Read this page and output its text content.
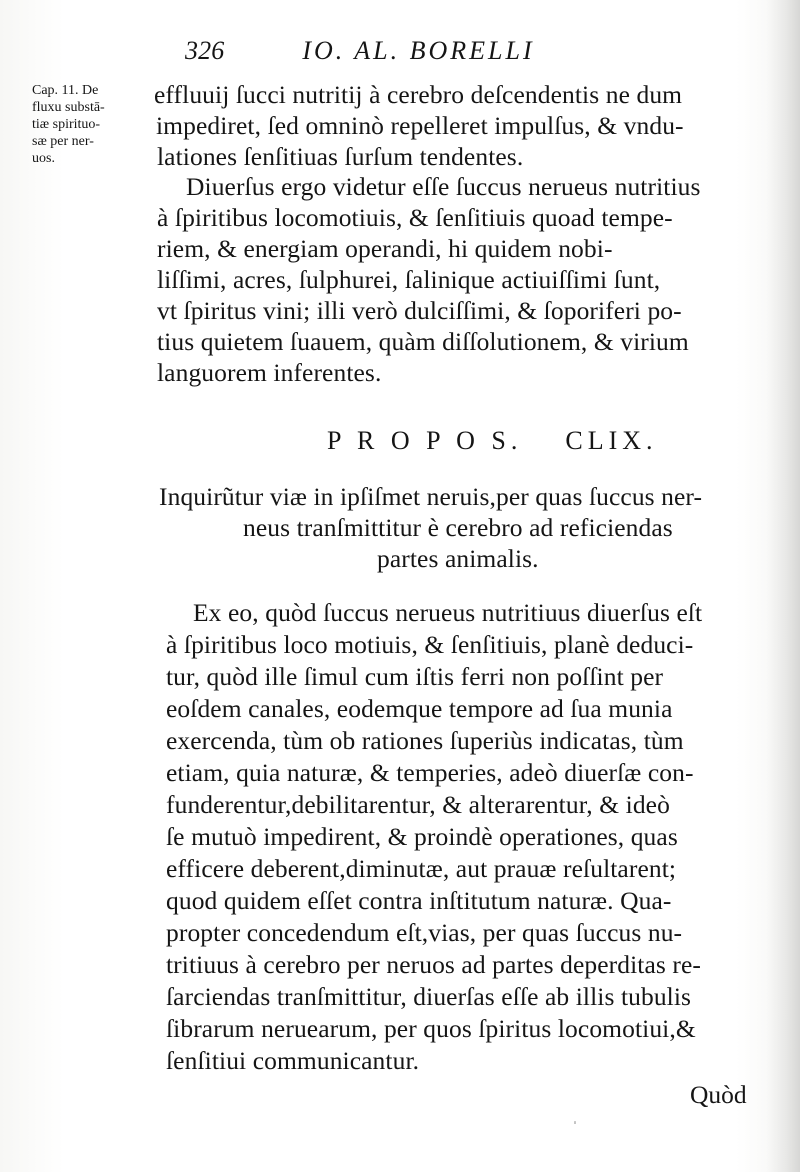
326	IO. AL. BORELLI
Cap. 11. De
fluxu substā-
tiæ spirituo-
sæ per ner-
uos.
effluuij ſucci nutritij à cerebro deſcendentis ne dum
impediret, ſed omninò repelleret impulſus, & vndu-
lationes ſenſitiuas ſurſum tendentes.
Diuerſus ergo videtur eſſe ſuccus nerueus nutritius
à ſpiritibus locomotiuis, & ſenſitiuis quoad tempe-
riem, & energiam operandi, hi quidem nobi-
liſſimi, acres, ſulphurei, ſalinique actiuiſſimi ſunt,
vt ſpiritus vini; illi verò dulciſſimi, & ſoporiferi po-
tius quietem ſuauem, quàm diſſolutionem, & virium
languorem inferentes.
P R O P O S. CLIX.
Inquirũtur viæ in ipſiſmet neruis,per quas ſuccus ner-
neus tranſmittitur è cerebro ad reficiendas
partes animalis.
Ex eo, quòd ſuccus nerueus nutritiuus diuerſus eſt
à ſpiritibus loco motiuis, & ſenſitiuis, planè deduci-
tur, quòd ille ſimul cum iſtis ferri non poſſint per
eoſdem canales, eodemque tempore ad ſua munia
exercenda, tùm ob rationes ſuperiùs indicatas, tùm
etiam, quia naturæ, & temperies, adeò diuerſæ con-
funderentur,debilitarentur, & alterarentur, & ideò
ſe mutuò impedirent, & proindè operationes, quas
efficere deberent,diminutæ, aut prauæ reſultarent;
quod quidem eſſet contra inſtitutum naturæ. Qua-
propter concedendum eſt,vias, per quas ſuccus nu-
tritiuus à cerebro per neruos ad partes deperditas re-
ſarciendas tranſmittitur, diuerſas eſſe ab illis tubulis
ſibrarum neruearum, per quos ſpiritus locomotiui,&
ſenſitiui communicantur.
Quòd
ˌ
